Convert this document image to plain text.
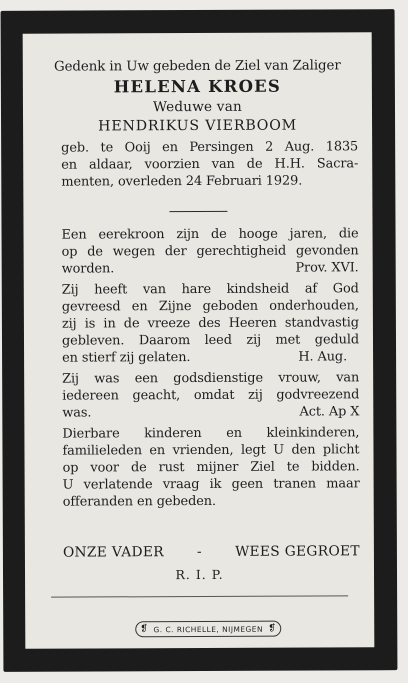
Gedenk in Uw gebeden de Ziel van Zaliger
HELENA KROES
Weduwe van
HENDRIKUS VIERBOOM
geb. te Ooij en Persingen 2 Aug. 1835
en aldaar, voorzien van de H.H. Sacra-
menten, overleden 24 Februari 1929.
Een eerekroon zijn de hooge jaren, die
op de wegen der gerechtigheid gevonden
worden.	Prov. XVI.
Zij heeft van hare kindsheid af God
gevreesd en Zijne geboden onderhouden,
zij is in de vreeze des Heeren standvastig
gebleven. Daarom leed zij met geduld
en stierf zij gelaten.	H. Aug.
Zij was een godsdienstige vrouw, van
iedereen geacht, omdat zij godvreezend
was.	Act. Ap X
Dierbare kinderen en kleinkinderen,
familieleden en vrienden, legt U den plicht
op voor de rust mijner Ziel te bidden.
U verlatende vraag ik geen tranen maar
offeranden en gebeden.
ONZE VADER - WEES GEGROET
R. I. P.
❡ G. C. RICHELLE, NIJMEGEN ❡
